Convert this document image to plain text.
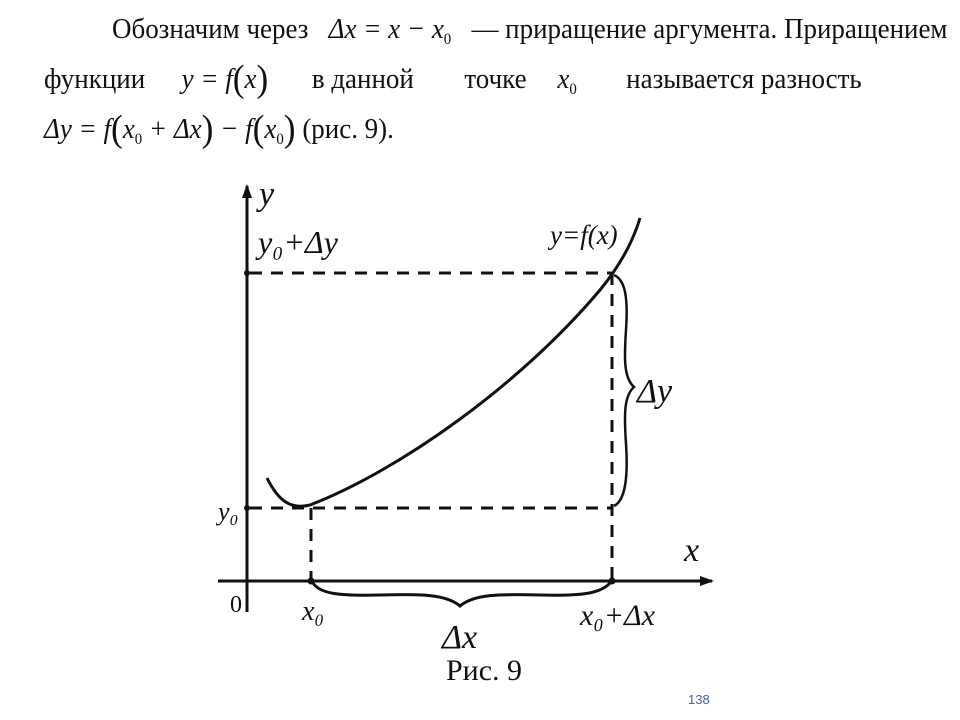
Обозначим через   $\Delta x = x - x_0$ — приращение аргумента. Приращением
функции y = f(x) в данной точке $x_0$ называется разность
$\Delta y = f(x_0 + \Delta x) - f(x_0)$ (рис. 9).
y
x
0
y=f(x)
y₀+Δy
y₀
x₀	x₀+Δx
Δy
Δx
Рис. 9
138
